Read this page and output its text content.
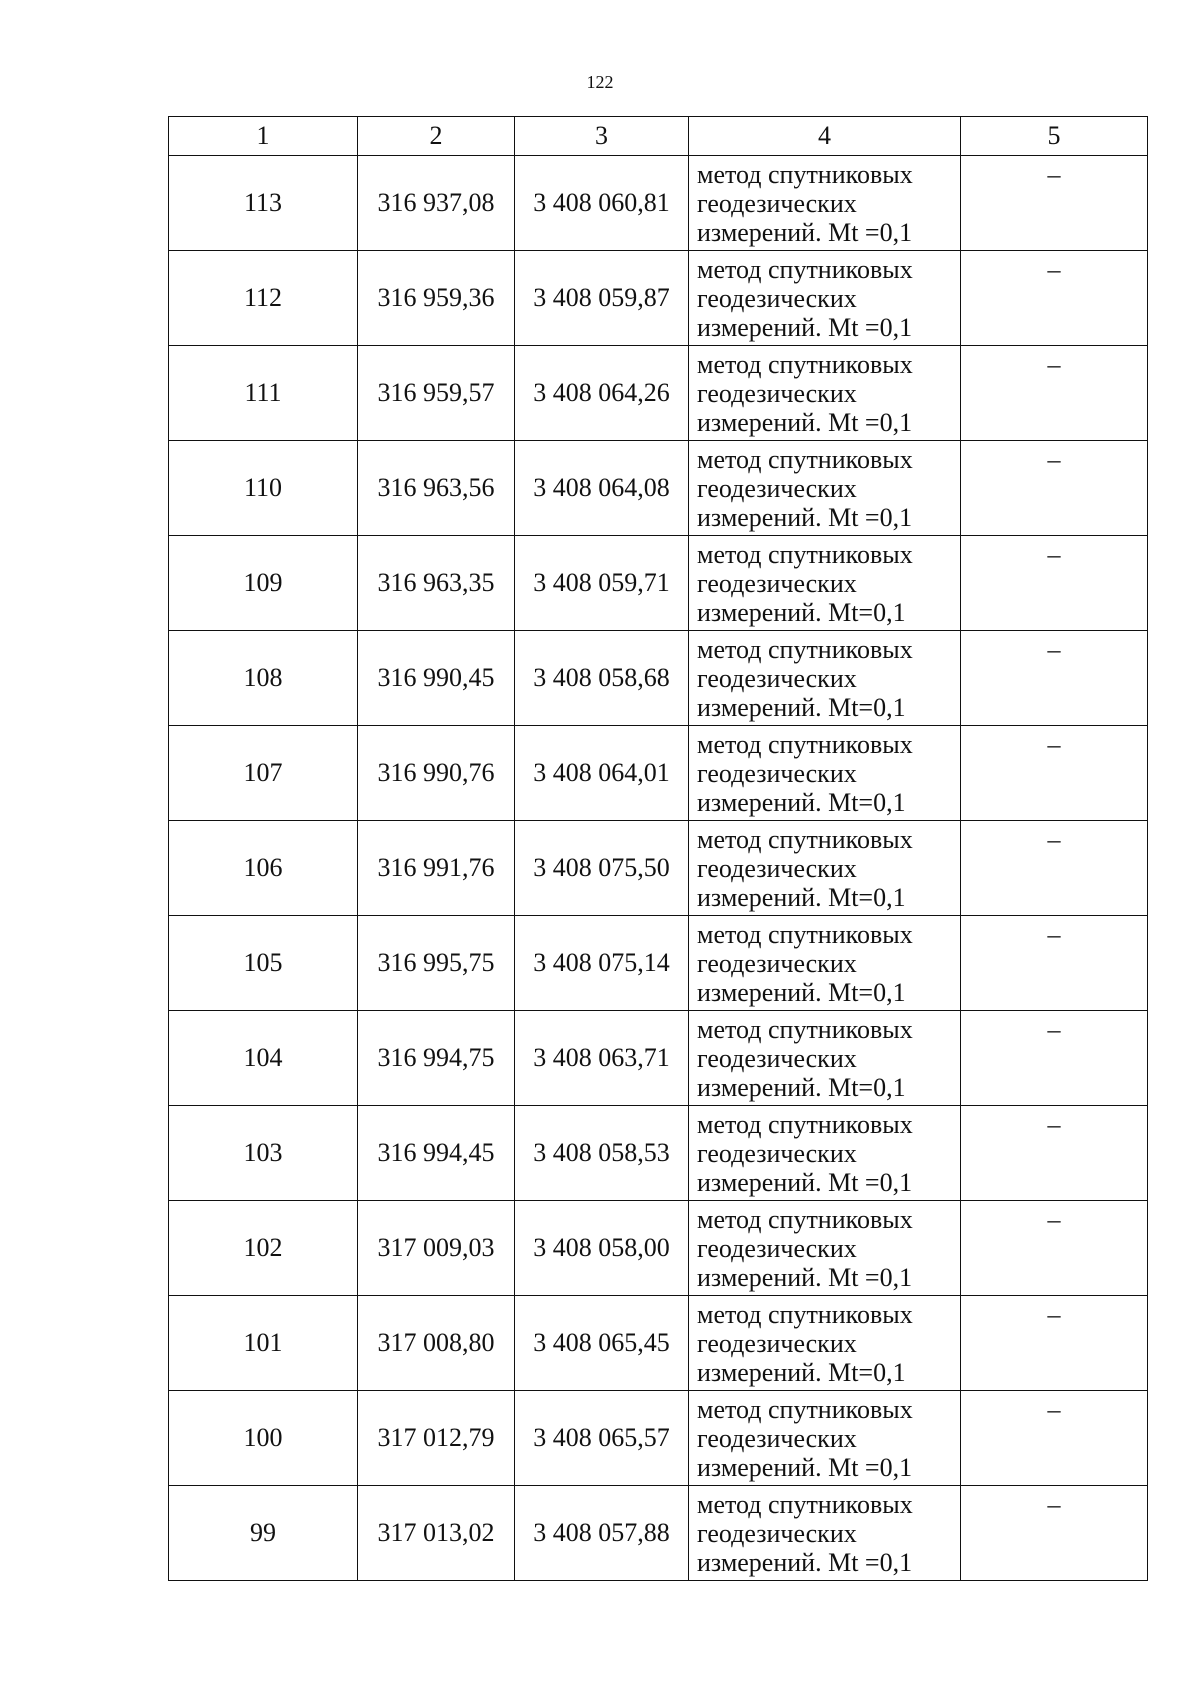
122
1	2	3	4	5
113	316 937,08	3 408 060,81	метод спутниковых
геодезических
измерений. Mt =0,1	–
112	316 959,36	3 408 059,87	метод спутниковых
геодезических
измерений. Mt =0,1	–
111	316 959,57	3 408 064,26	метод спутниковых
геодезических
измерений. Mt =0,1	–
110	316 963,56	3 408 064,08	метод спутниковых
геодезических
измерений. Mt =0,1	–
109	316 963,35	3 408 059,71	метод спутниковых
геодезических
измерений. Mt=0,1	–
108	316 990,45	3 408 058,68	метод спутниковых
геодезических
измерений. Mt=0,1	–
107	316 990,76	3 408 064,01	метод спутниковых
геодезических
измерений. Mt=0,1	–
106	316 991,76	3 408 075,50	метод спутниковых
геодезических
измерений. Mt=0,1	–
105	316 995,75	3 408 075,14	метод спутниковых
геодезических
измерений. Mt=0,1	–
104	316 994,75	3 408 063,71	метод спутниковых
геодезических
измерений. Mt=0,1	–
103	316 994,45	3 408 058,53	метод спутниковых
геодезических
измерений. Mt =0,1	–
102	317 009,03	3 408 058,00	метод спутниковых
геодезических
измерений. Mt =0,1	–
101	317 008,80	3 408 065,45	метод спутниковых
геодезических
измерений. Mt=0,1	–
100	317 012,79	3 408 065,57	метод спутниковых
геодезических
измерений. Mt =0,1	–
99	317 013,02	3 408 057,88	метод спутниковых
геодезических
измерений. Mt =0,1	–
